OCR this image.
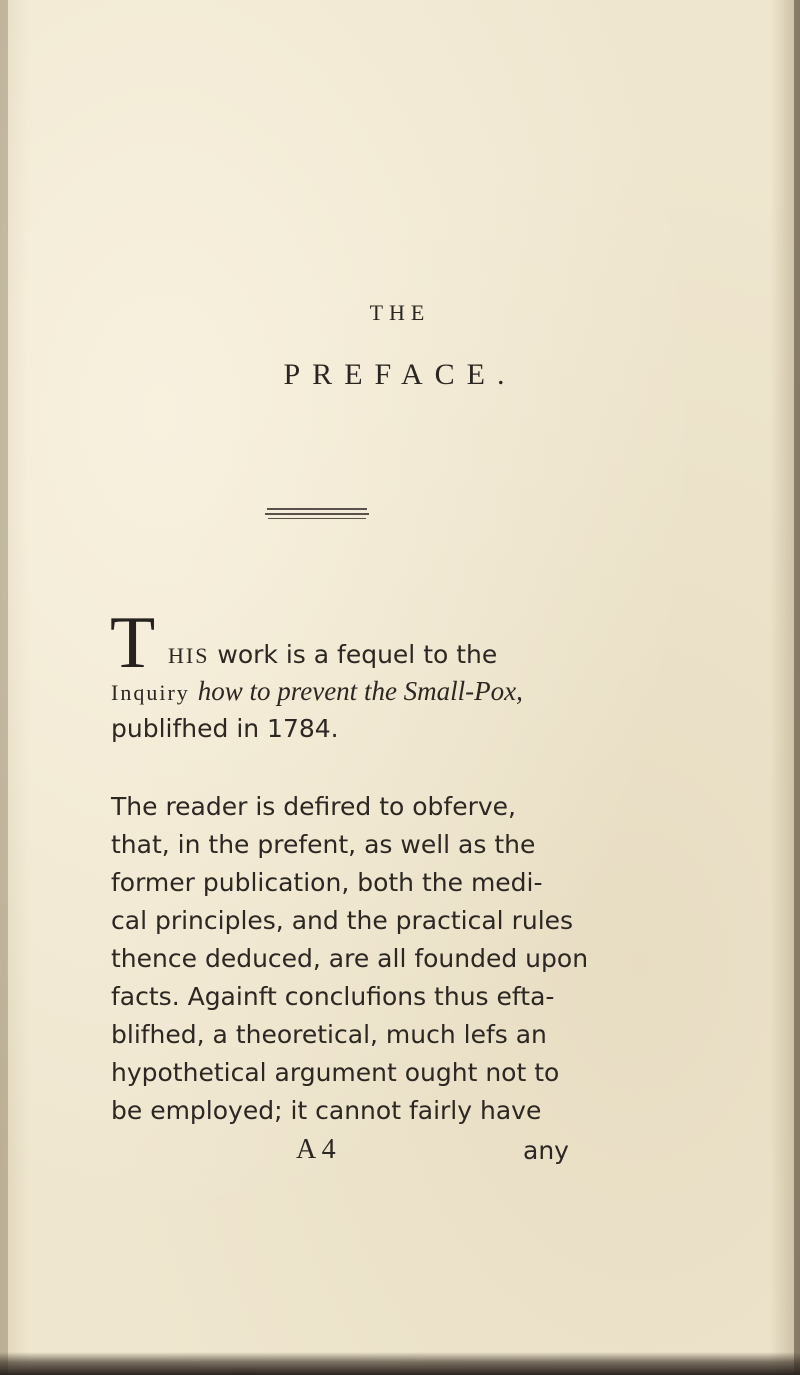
THE
PREFACE.
T HIS work is a fequel to the
Inquiry how to prevent the Small-Pox,
publifhed in 1784.
The reader is defired to obferve,
that, in the prefent, as well as the
former publication, both the medi-
cal principles, and the practical rules
thence deduced, are all founded upon
facts. Againft conclufions thus efta-
blifhed, a theoretical, much lefs an
hypothetical argument ought not to
be employed; it cannot fairly have
A 4	any
